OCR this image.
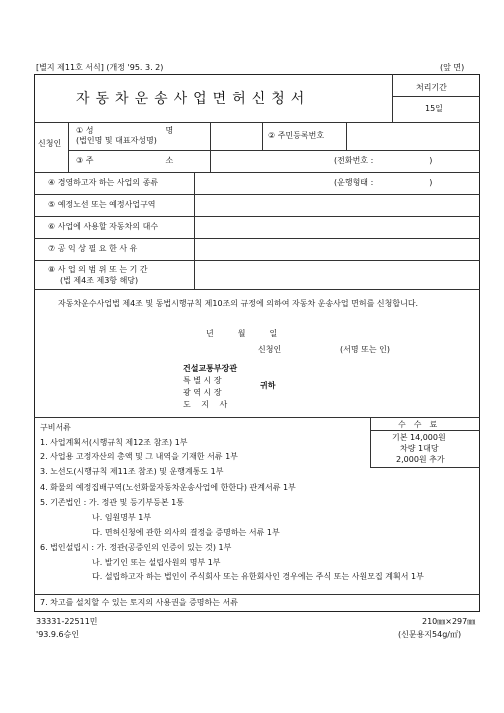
[별지 제11호 서식] (개정 '95. 3. 2)	(앞 면)
자동차운송사업면허신청서
처리기간
15일
신청인
① 성　　　　　　　　　명
(법인명 및 대표자성명)
② 주민등록번호
③ 주　　　　　　　　　소	(전화번호 :　　　　　　　)
④ 경영하고자 하는 사업의 종류	(운행형태 :　　　　　　　)
⑤ 예정노선 또는 예정사업구역
⑥ 사업에 사용할 자동차의 대수
⑦ 공 익 상 필 요 한 사 유
⑧ 사 업 의 범 위 또 는 기 간
(법 제4조 제3항 해당)
자동차운수사업법 제4조 및 동법시행규칙 제10조의 규정에 의하여 자동차 운송사업 면허를 신청합니다.
년　　　월　　　일
신청인	(서명 또는 인)
건설교통부장관
특 별 시 장
광 역 시 장
도　 지　 사
귀하
구비서류
1. 사업계획서(시행규칙 제12조 참조) 1부
2. 사업용 고정자산의 총액 및 그 내역을 기재한 서류 1부
3. 노선도(시행규칙 제11조 참조) 및 운행계통도 1부
4. 화물의 예정집배구역(노선화물자동차운송사업에 한한다) 관계서류 1부
5. 기존법인 : 가. 정관 및 등기부등본 1통
나. 임원명부 1부
다. 면허신청에 관한 의사의 결정을 증명하는 서류 1부
6. 법인설립시 : 가. 정관(공증인의 인증이 있는 것) 1부
나. 발기인 또는 설립사원의 명부 1부
다. 설립하고자 하는 법인이 주식회사 또는 유한회사인 경우에는 주식 또는 사원모집 계획서 1부
7. 차고를 설치할 수 있는 토지의 사용권을 증명하는 서류
수　수　료
기본 14,000원
차량 1대당
2,000원 추가
33331-22511민
'93.9.6승인
210㎜×297㎜
(신문용지54g/㎡)
